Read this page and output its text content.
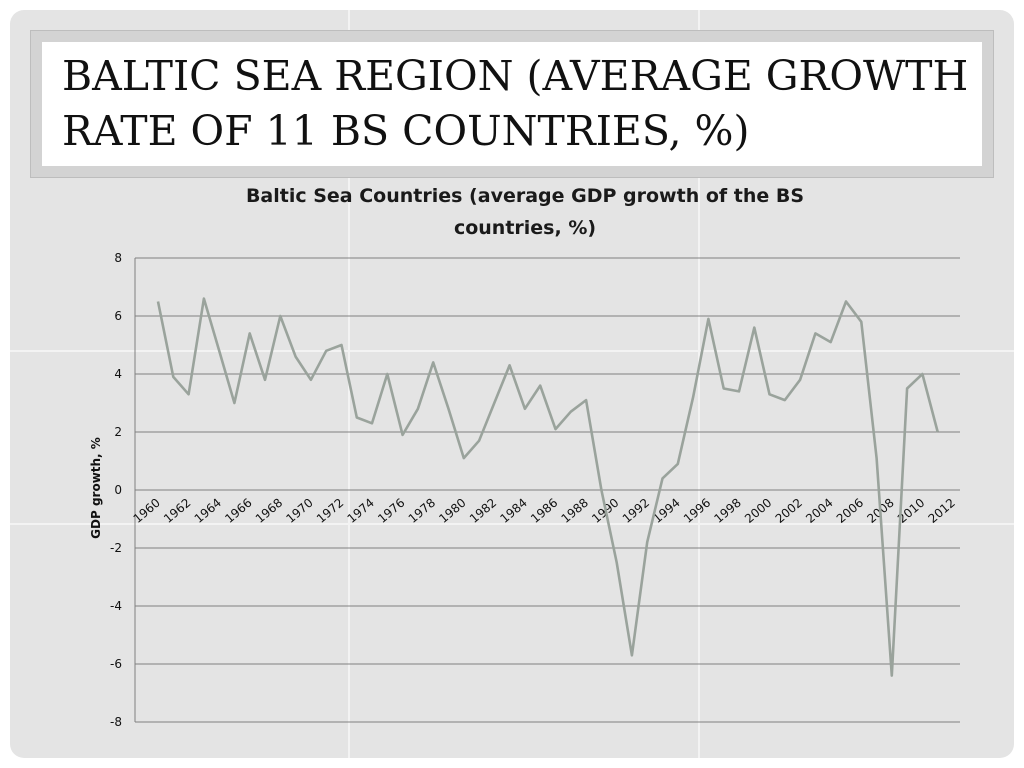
BALTIC SEA REGION (AVERAGE GROWTH RATE OF 11 BS COUNTRIES, %)
Baltic Sea Countries (average GDP growth of the BS countries, %)
-8
-6
-4
-2
0
2
4
6
8
1960
1962
1964
1966
1968
1970
1972
1974
1976
1978
1980
1982
1984
1986
1988
1990
1992
1994
1996
1998
2000
2002
2004
2006
2008
2010
2012
GDP growth, %
